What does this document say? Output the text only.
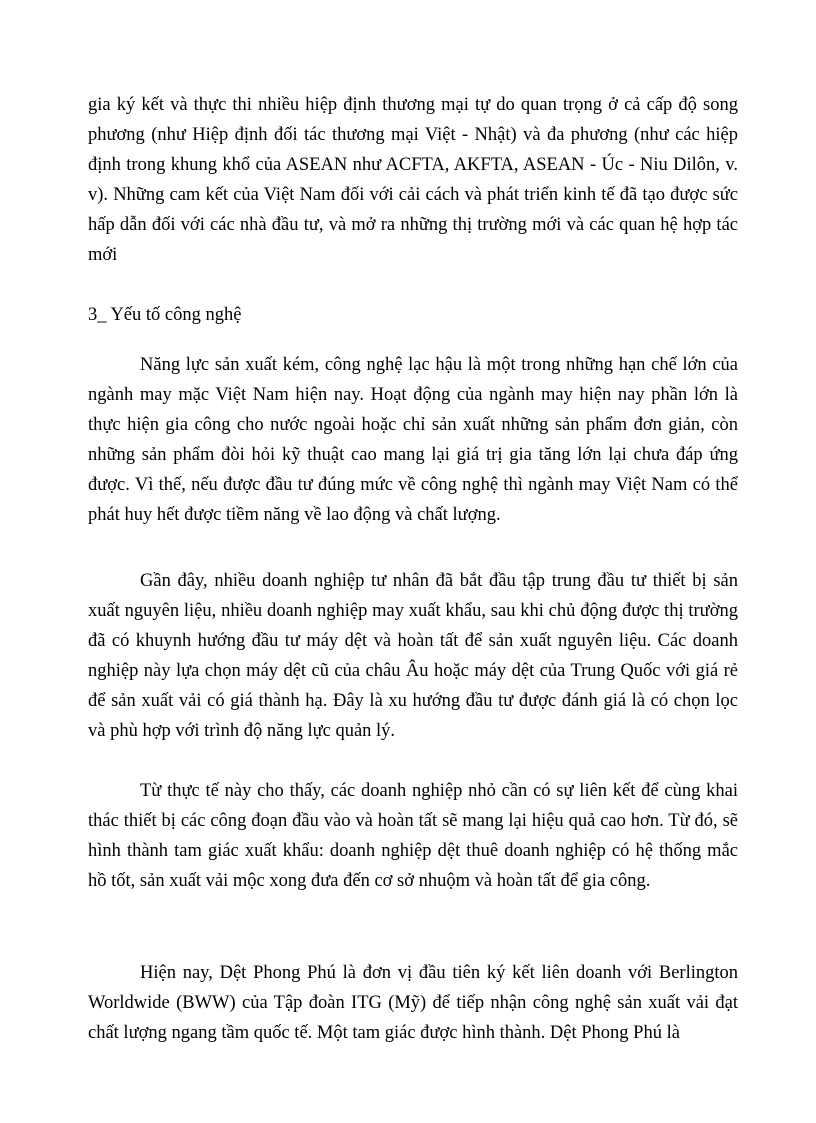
gia ký kết và thực thi nhiều hiệp định thương mại tự do quan trọng ở cả cấp độ song phương (như Hiệp định đối tác thương mại Việt - Nhật) và đa phương (như các hiệp định trong khung khổ của ASEAN như ACFTA, AKFTA, ASEAN - Úc - Niu Dilôn, v. v). Những cam kết của Việt Nam đối với cải cách và phát triển kinh tế đã tạo được sức hấp dẫn đối với các nhà đầu tư, và mở ra những thị trường mới và các quan hệ hợp tác mới

3_ Yếu tố công nghệ

Năng lực sản xuất kém, công nghệ lạc hậu là một trong những hạn chế lớn của ngành may mặc Việt Nam hiện nay. Hoạt động của ngành may hiện nay phần lớn là thực hiện gia công cho nước ngoài hoặc chỉ sản xuất những sản phẩm đơn giản, còn những sản phẩm đòi hỏi kỹ thuật cao mang lại giá trị gia tăng lớn lại chưa đáp ứng được. Vì thế, nếu được đầu tư đúng mức về công nghệ thì ngành may Việt Nam có thể phát huy hết được tiềm năng về lao động và chất lượng.

Gần đây, nhiều doanh nghiệp tư nhân đã bắt đầu tập trung đầu tư thiết bị sản xuất nguyên liệu, nhiều doanh nghiệp may xuất khẩu, sau khi chủ động được thị trường đã có khuynh hướng đầu tư máy dệt và hoàn tất để sản xuất nguyên liệu. Các doanh nghiệp này lựa chọn máy dệt cũ của châu Âu hoặc máy dệt của Trung Quốc với giá rẻ để sản xuất vải có giá thành hạ. Đây là xu hướng đầu tư được đánh giá là có chọn lọc và phù hợp với trình độ năng lực quản lý.

Từ thực tế này cho thấy, các doanh nghiệp nhỏ cần có sự liên kết để cùng khai thác thiết bị các công đoạn đầu vào và hoàn tất sẽ mang lại hiệu quả cao hơn. Từ đó, sẽ hình thành tam giác xuất khẩu: doanh nghiệp dệt thuê doanh nghiệp có hệ thống mắc hồ tốt, sản xuất vải mộc xong đưa đến cơ sở nhuộm và hoàn tất để gia công.

Hiện nay, Dệt Phong Phú là đơn vị đầu tiên ký kết liên doanh với Berlington Worldwide (BWW) của Tập đoàn ITG (Mỹ) để tiếp nhận công nghệ sản xuất vải đạt chất lượng ngang tầm quốc tế. Một tam giác được hình thành. Dệt Phong Phú là
